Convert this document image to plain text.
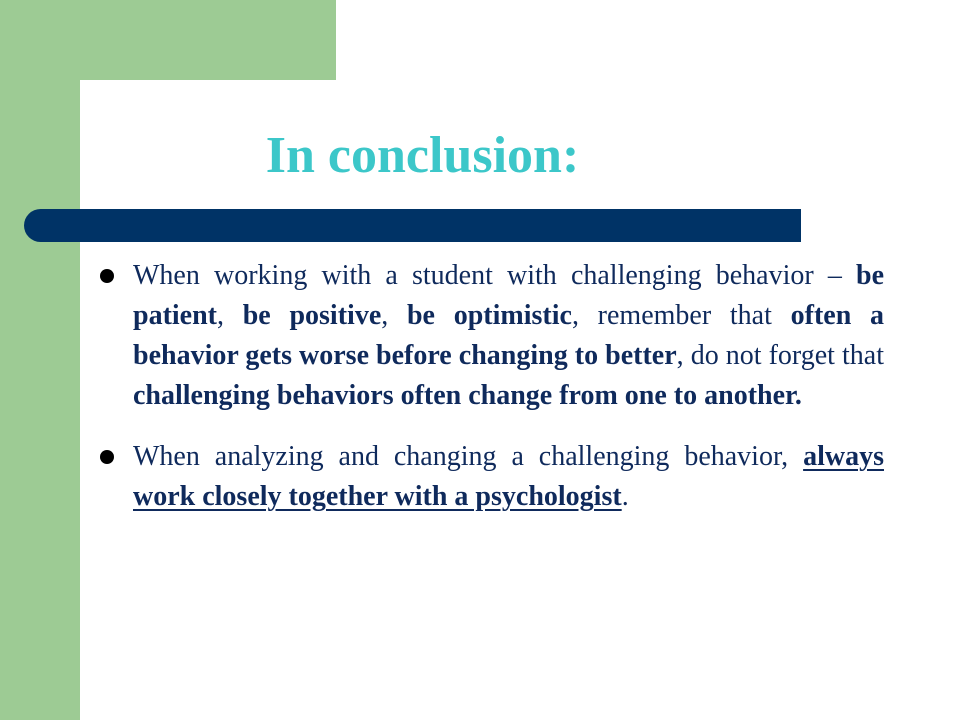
In conclusion:
When working with a student with challenging behavior – be patient, be positive, be optimistic, remember that often a behavior gets worse before changing to better, do not forget that challenging behaviors often change from one to another.
When analyzing and changing a challenging behavior, always work closely together with a psychologist.
